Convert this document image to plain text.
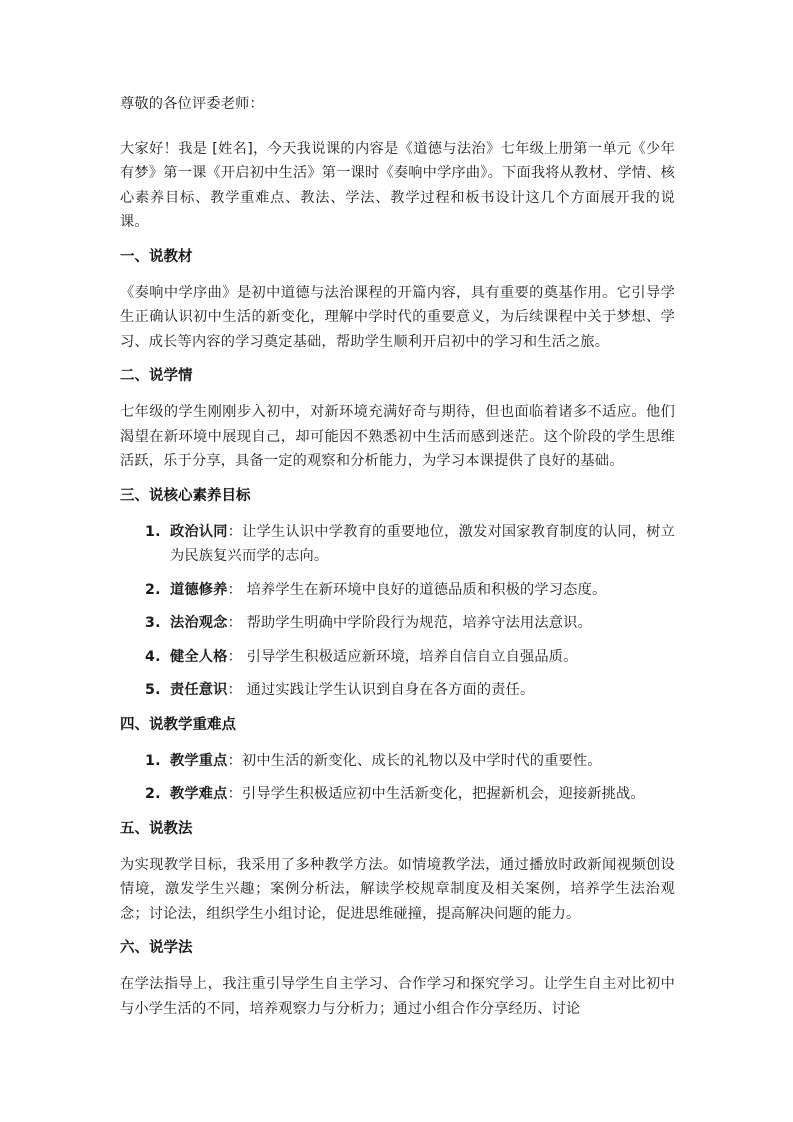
尊敬的各位评委老师：

大家好！我是 [姓名]，今天我说课的内容是《道德与法治》七年级上册第一单元《少年有梦》第一课《开启初中生活》第一课时《奏响中学序曲》。下面我将从教材、学情、核心素养目标、教学重难点、教法、学法、教学过程和板书设计这几个方面展开我的说课。

一、说教材

《奏响中学序曲》是初中道德与法治课程的开篇内容，具有重要的奠基作用。它引导学生正确认识初中生活的新变化，理解中学时代的重要意义，为后续课程中关于梦想、学习、成长等内容的学习奠定基础，帮助学生顺利开启初中的学习和生活之旅。

二、说学情

七年级的学生刚刚步入初中，对新环境充满好奇与期待，但也面临着诸多不适应。他们渴望在新环境中展现自己，却可能因不熟悉初中生活而感到迷茫。这个阶段的学生思维活跃，乐于分享，具备一定的观察和分析能力，为学习本课提供了良好的基础。

三、说核心素养目标
1. 政治认同：让学生认识中学教育的重要地位，激发对国家教育制度的认同，树立为民族复兴而学的志向。
2. 道德修养： 培养学生在新环境中良好的道德品质和积极的学习态度。
3. 法治观念： 帮助学生明确中学阶段行为规范，培养守法用法意识。
4. 健全人格： 引导学生积极适应新环境，培养自信自立自强品质。
5. 责任意识： 通过实践让学生认识到自身在各方面的责任。
四、说教学重难点
1. 教学重点：初中生活的新变化、成长的礼物以及中学时代的重要性。
2. 教学难点：引导学生积极适应初中生活新变化，把握新机会，迎接新挑战。
五、说教法

为实现教学目标，我采用了多种教学方法。如情境教学法，通过播放时政新闻视频创设情境，激发学生兴趣；案例分析法，解读学校规章制度及相关案例，培养学生法治观念；讨论法，组织学生小组讨论，促进思维碰撞，提高解决问题的能力。

六、说学法

在学法指导上，我注重引导学生自主学习、合作学习和探究学习。让学生自主对比初中与小学生活的不同，培养观察力与分析力；通过小组合作分享经历、讨论
